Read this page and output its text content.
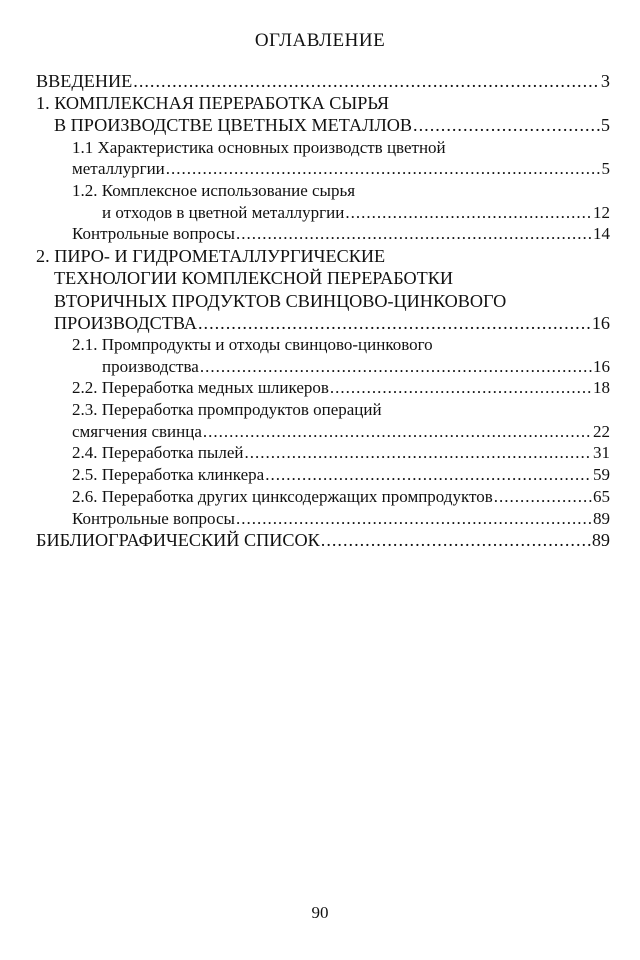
ОГЛАВЛЕНИЕ
ВВЕДЕНИЕ .....	3
1. КОМПЛЕКСНАЯ ПЕРЕРАБОТКА СЫРЬЯ
В ПРОИЗВОДСТВЕ ЦВЕТНЫХ МЕТАЛЛОВ .....	5
1.1 Характеристика основных производств цветной
металлургии .....	5
1.2. Комплексное использование сырья
и отходов в цветной металлургии .....	12
Контрольные вопросы .....	14
2. ПИРО- И ГИДРОМЕТАЛЛУРГИЧЕСКИЕ
ТЕХНОЛОГИИ КОМПЛЕКСНОЙ ПЕРЕРАБОТКИ
ВТОРИЧНЫХ ПРОДУКТОВ СВИНЦОВО-ЦИНКОВОГО
ПРОИЗВОДСТВА .....	16
2.1. Промпродукты и отходы свинцово-цинкового
производства .....	16
2.2. Переработка медных шликеров .....	18
2.3. Переработка промпродуктов операций
смягчения свинца .....	22
2.4. Переработка пылей .....	31
2.5. Переработка клинкера .....	59
2.6. Переработка других цинксодержащих промпродуктов .....	65
Контрольные вопросы .....	89
БИБЛИОГРАФИЧЕСКИЙ СПИСОК .....	89
90
